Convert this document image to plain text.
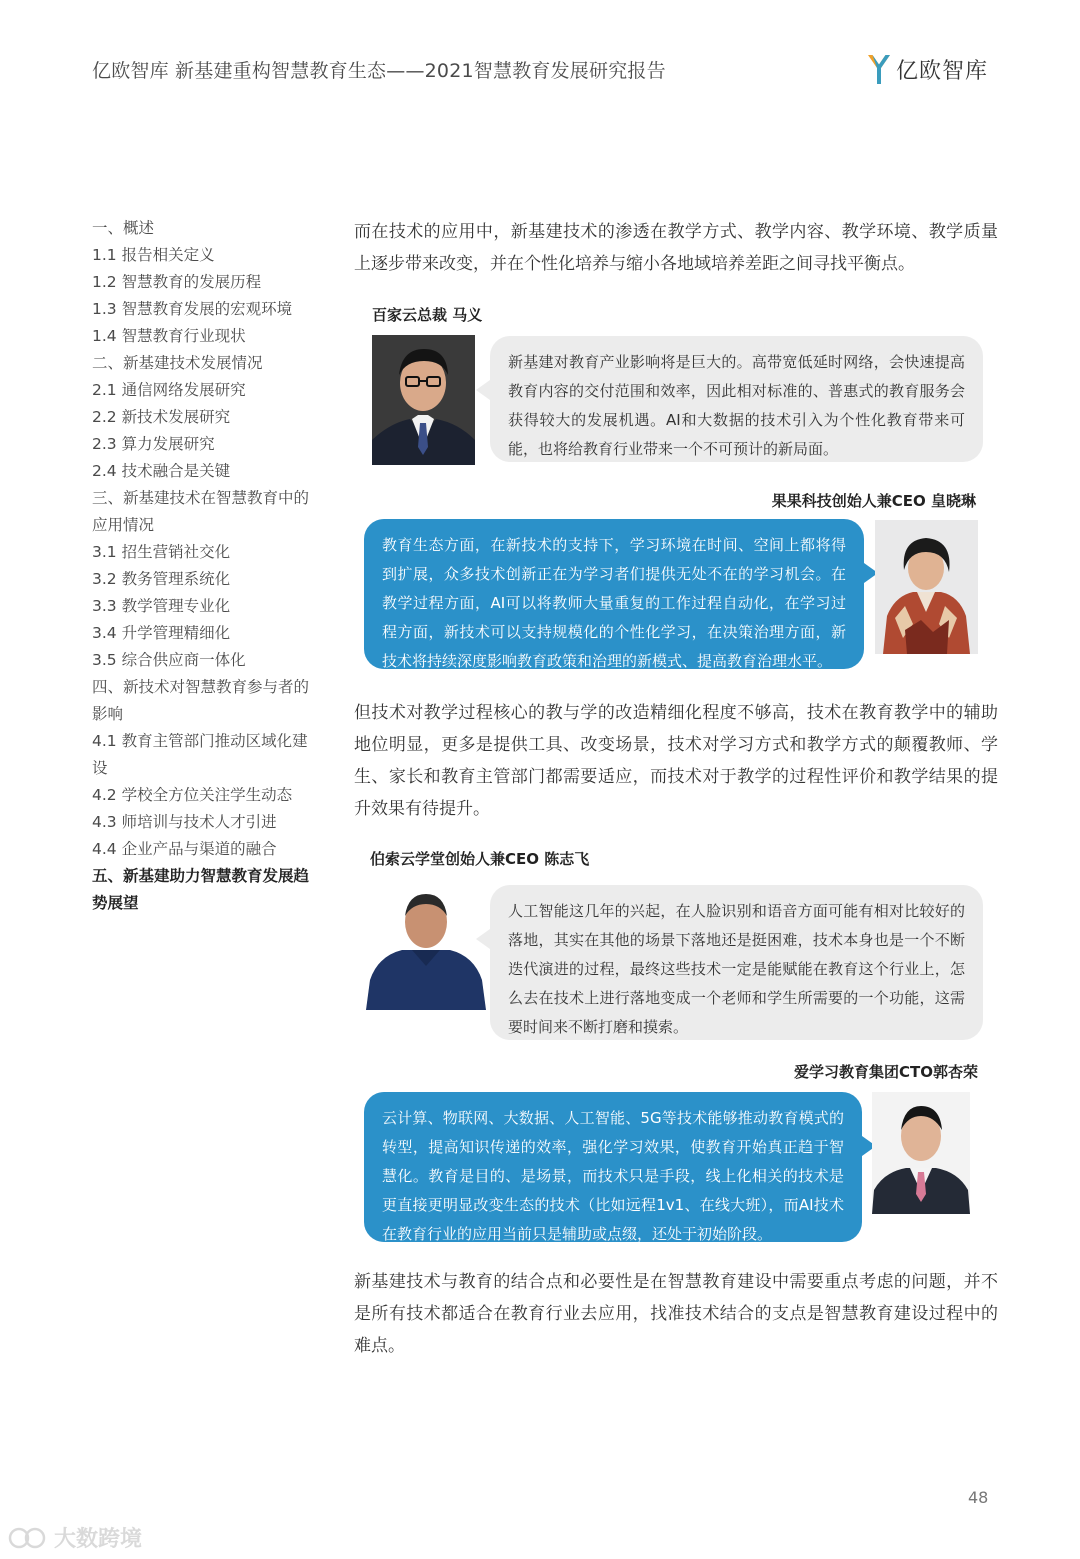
亿欧智库 新基建重构智慧教育生态——2021智慧教育发展研究报告	亿欧智库
一、概述
1.1 报告相关定义
1.2 智慧教育的发展历程
1.3 智慧教育发展的宏观环境
1.4 智慧教育行业现状
二、新基建技术发展情况
2.1 通信网络发展研究
2.2 新技术发展研究
2.3 算力发展研究
2.4 技术融合是关键
三、新基建技术在智慧教育中的应用情况
3.1 招生营销社交化
3.2 教务管理系统化
3.3 教学管理专业化
3.4 升学管理精细化
3.5 综合供应商一体化
四、新技术对智慧教育参与者的影响
4.1 教育主管部门推动区域化建设
4.2 学校全方位关注学生动态
4.3 师培训与技术人才引进
4.4 企业产品与渠道的融合
五、新基建助力智慧教育发展趋势展望
而在技术的应用中，新基建技术的渗透在教学方式、教学内容、教学环境、教学质量上逐步带来改变，并在个性化培养与缩小各地域培养差距之间寻找平衡点。
百家云总裁 马义
新基建对教育产业影响将是巨大的。高带宽低延时网络，会快速提高教育内容的交付范围和效率，因此相对标准的、普惠式的教育服务会获得较大的发展机遇。AI和大数据的技术引入为个性化教育带来可能，也将给教育行业带来一个不可预计的新局面。
果果科技创始人兼CEO 皇晓琳
教育生态方面，在新技术的支持下，学习环境在时间、空间上都将得到扩展，众多技术创新正在为学习者们提供无处不在的学习机会。在教学过程方面，AI可以将教师大量重复的工作过程自动化，在学习过程方面，新技术可以支持规模化的个性化学习，在决策治理方面，新技术将持续深度影响教育政策和治理的新模式、提高教育治理水平。
但技术对教学过程核心的教与学的改造精细化程度不够高，技术在教育教学中的辅助地位明显，更多是提供工具、改变场景，技术对学习方式和教学方式的颠覆教师、学生、家长和教育主管部门都需要适应，而技术对于教学的过程性评价和教学结果的提升效果有待提升。
伯索云学堂创始人兼CEO 陈志飞
人工智能这几年的兴起，在人脸识别和语音方面可能有相对比较好的落地，其实在其他的场景下落地还是挺困难，技术本身也是一个不断迭代演进的过程，最终这些技术一定是能赋能在教育这个行业上，怎么去在技术上进行落地变成一个老师和学生所需要的一个功能，这需要时间来不断打磨和摸索。
爱学习教育集团CTO郭杏荣
云计算、物联网、大数据、人工智能、5G等技术能够推动教育模式的转型，提高知识传递的效率，强化学习效果，使教育开始真正趋于智慧化。教育是目的、是场景，而技术只是手段，线上化相关的技术是更直接更明显改变生态的技术（比如远程1v1、在线大班），而AI技术在教育行业的应用当前只是辅助或点缀，还处于初始阶段。
新基建技术与教育的结合点和必要性是在智慧教育建设中需要重点考虑的问题，并不是所有技术都适合在教育行业去应用，找准技术结合的支点是智慧教育建设过程中的难点。
48
大数跨境
